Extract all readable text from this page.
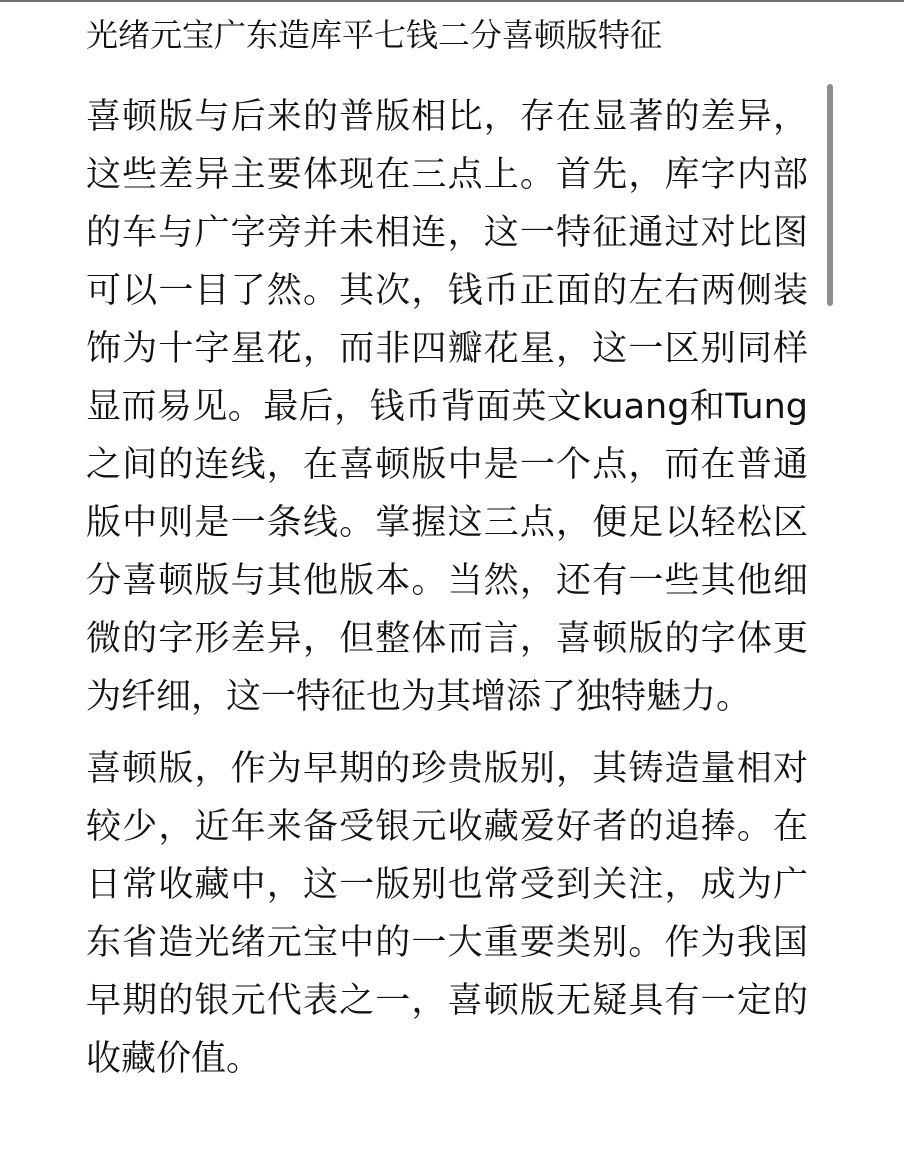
光绪元宝广东造库平七钱二分喜顿版特征

喜顿版与后来的普版相比，存在显著的差异，这些差异主要体现在三点上。首先，库字内部的车与广字旁并未相连，这一特征通过对比图可以一目了然。其次，钱币正面的左右两侧装饰为十字星花，而非四瓣花星，这一区别同样显而易见。最后，钱币背面英文kuang和Tung之间的连线，在喜顿版中是一个点，而在普通版中则是一条线。掌握这三点，便足以轻松区分喜顿版与其他版本。当然，还有一些其他细微的字形差异，但整体而言，喜顿版的字体更为纤细，这一特征也为其增添了独特魅力。

喜顿版，作为早期的珍贵版别，其铸造量相对较少，近年来备受银元收藏爱好者的追捧。在日常收藏中，这一版别也常受到关注，成为广东省造光绪元宝中的一大重要类别。作为我国早期的银元代表之一，喜顿版无疑具有一定的收藏价值。
